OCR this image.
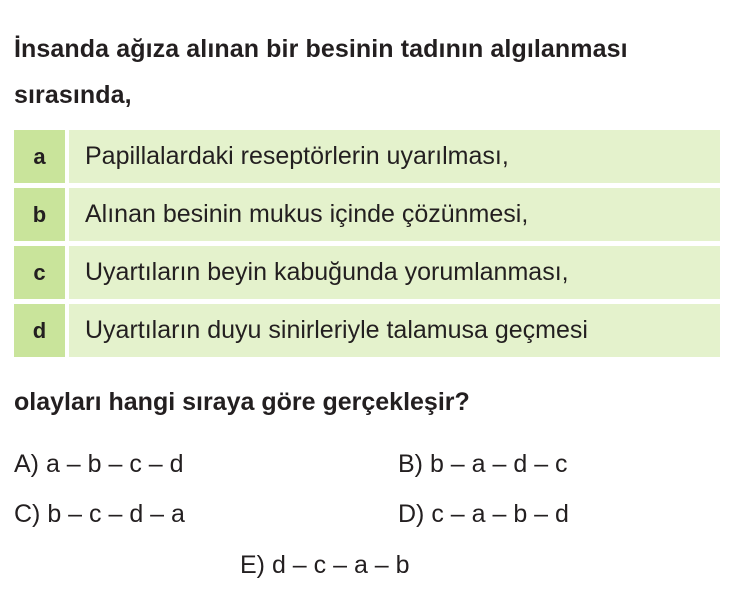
İnsanda ağıza alınan bir besinin tadının algılanması sırasında,
a	Papillalardaki reseptörlerin uyarılması,
b	Alınan besinin mukus içinde çözünmesi,
c	Uyartıların beyin kabuğunda yorumlanması,
d	Uyartıların duyu sinirleriyle talamusa geçmesi
olayları hangi sıraya göre gerçekleşir?
A) a – b – c – d	B) b – a – d – c
C) b – c – d – a	D) c – a – b – d
E) d – c – a – b
